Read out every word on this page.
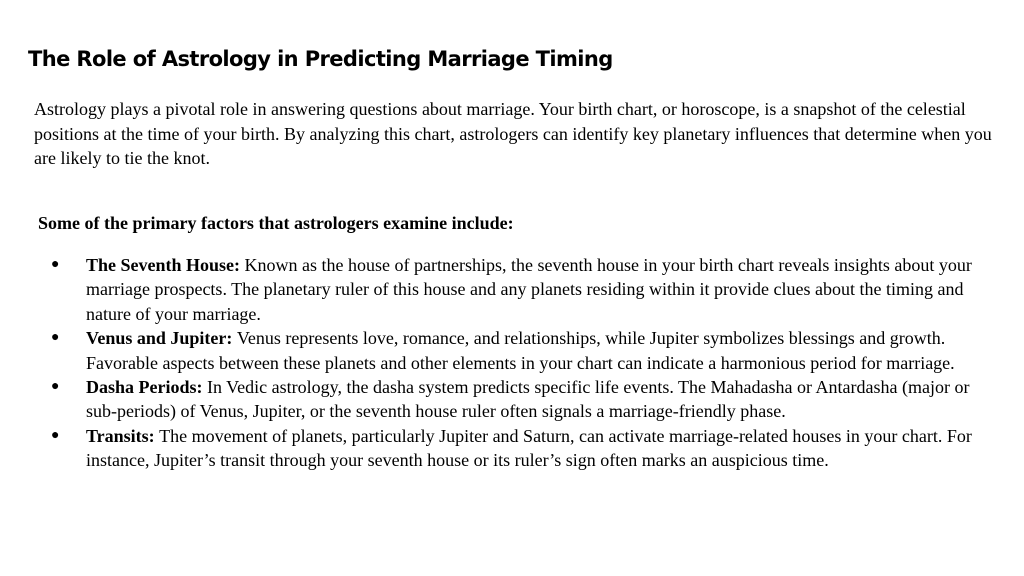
The Role of Astrology in Predicting Marriage Timing

Astrology plays a pivotal role in answering questions about marriage. Your birth chart, or horoscope, is a snapshot of the celestial positions at the time of your birth. By analyzing this chart, astrologers can identify key planetary influences that determine when you are likely to tie the knot.

Some of the primary factors that astrologers examine include:

● The Seventh House: Known as the house of partnerships, the seventh house in your birth chart reveals insights about your marriage prospects. The planetary ruler of this house and any planets residing within it provide clues about the timing and nature of your marriage.
● Venus and Jupiter: Venus represents love, romance, and relationships, while Jupiter symbolizes blessings and growth. Favorable aspects between these planets and other elements in your chart can indicate a harmonious period for marriage.
● Dasha Periods: In Vedic astrology, the dasha system predicts specific life events. The Mahadasha or Antardasha (major or sub-periods) of Venus, Jupiter, or the seventh house ruler often signals a marriage-friendly phase.
● Transits: The movement of planets, particularly Jupiter and Saturn, can activate marriage-related houses in your chart. For instance, Jupiter’s transit through your seventh house or its ruler’s sign often marks an auspicious time.
